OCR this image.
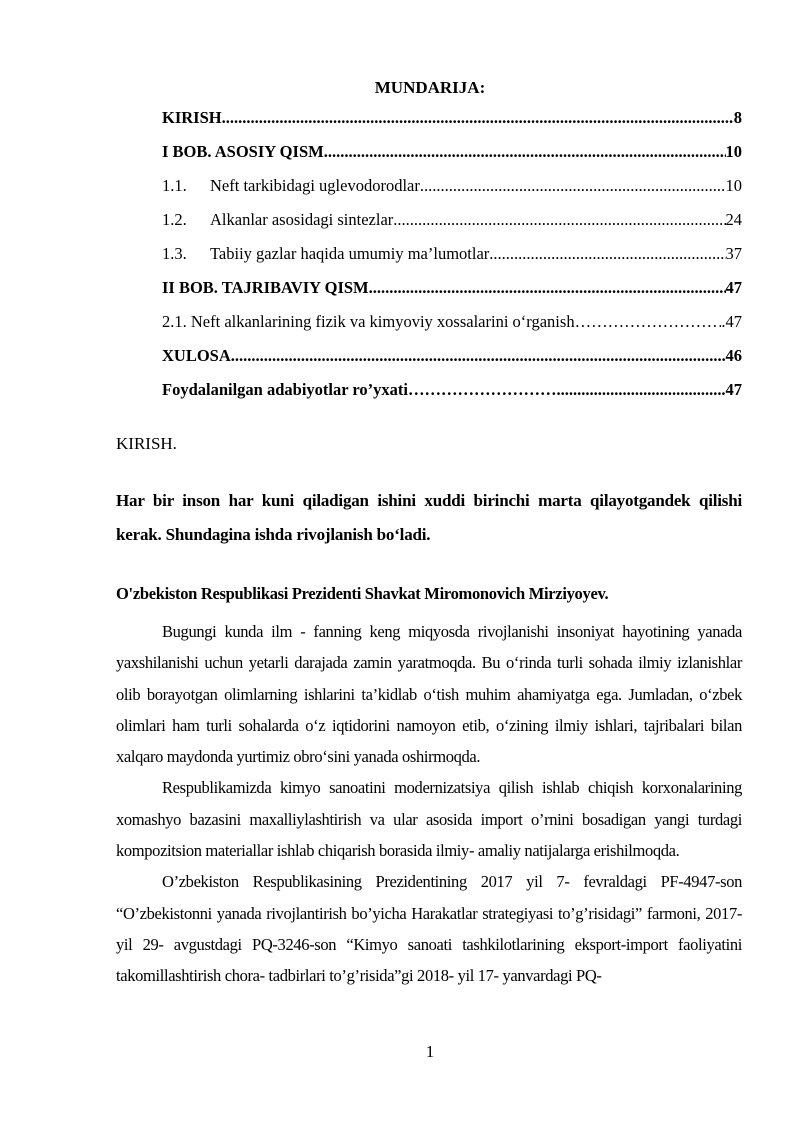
MUNDARIJA:
KIRISH .....	8
I BOB. ASOSIY QISM .....	10
1.1.	Neft tarkibidagi uglevodorodlar .....	10
1.2.	Alkanlar asosidagi sintezlar .....	24
1.3.	Tabiiy gazlar haqida umumiy ma’lumotlar .....	37
II BOB. TAJRIBAVIY QISM .....	47
2.1. Neft alkanlarining fizik va kimyoviy xossalarini o‘rganish ……………………………………………………………………………………………………………	.47
XULOSA .....	46
Foydalanilgan adabiyotlar ro’yxati ……………………… .....	.47
KIRISH.
Har bir inson har kuni qiladigan ishini xuddi birinchi marta qilayotgandek qilishi kerak. Shundagina ishda rivojlanish bo‘ladi.
O'zbekiston Respublikasi Prezidenti Shavkat Miromonovich Mirziyoyev.

Bugungi kunda ilm - fanning keng miqyosda rivojlanishi insoniyat hayotining yanada yaxshilanishi uchun yetarli darajada zamin yaratmoqda. Bu o‘rinda turli sohada ilmiy izlanishlar olib borayotgan olimlarning ishlarini ta’kidlab o‘tish muhim ahamiyatga ega. Jumladan, o‘zbek olimlari ham turli sohalarda o‘z iqtidorini namoyon etib, o‘zining ilmiy ishlari, tajribalari bilan xalqaro maydonda yurtimiz obro‘sini yanada oshirmoqda.

Respublikamizda kimyo sanoatini modernizatsiya qilish ishlab chiqish korxonalarining xomashyo bazasini maxalliylashtirish va ular asosida import o’rnini bosadigan yangi turdagi kompozitsion materiallar ishlab chiqarish borasida ilmiy- amaliy natijalarga erishilmoqda.

O’zbekiston Respublikasining Prezidentining 2017 yil 7- fevraldagi PF-4947-son “O’zbekistonni yanada rivojlantirish bo’yicha Harakatlar strategiyasi to’g’risidagi” farmoni, 2017-yil 29- avgustdagi PQ-3246-son “Kimyo sanoati tashkilotlarining eksport-import faoliyatini takomillashtirish chora- tadbirlari to’g’risida”gi 2018- yil 17- yanvardagi PQ-

1
